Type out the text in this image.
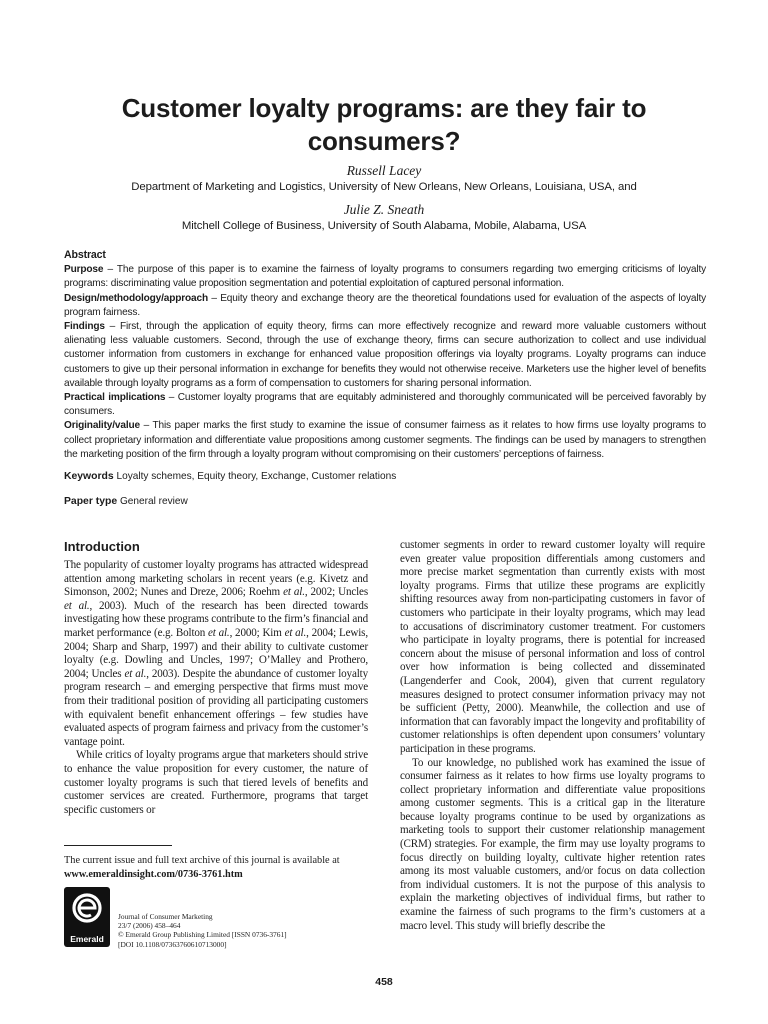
Customer loyalty programs: are they fair to consumers?
Russell Lacey
Department of Marketing and Logistics, University of New Orleans, New Orleans, Louisiana, USA, and
Julie Z. Sneath
Mitchell College of Business, University of South Alabama, Mobile, Alabama, USA

Abstract

Purpose – The purpose of this paper is to examine the fairness of loyalty programs to consumers regarding two emerging criticisms of loyalty programs: discriminating value proposition segmentation and potential exploitation of captured personal information.

Design/methodology/approach – Equity theory and exchange theory are the theoretical foundations used for evaluation of the aspects of loyalty program fairness.

Findings – First, through the application of equity theory, firms can more effectively recognize and reward more valuable customers without alienating less valuable customers. Second, through the use of exchange theory, firms can secure authorization to collect and use individual customer information from customers in exchange for enhanced value proposition offerings via loyalty programs. Loyalty programs can induce customers to give up their personal information in exchange for benefits they would not otherwise receive. Marketers use the higher level of benefits available through loyalty programs as a form of compensation to customers for sharing personal information.

Practical implications – Customer loyalty programs that are equitably administered and thoroughly communicated will be perceived favorably by consumers.

Originality/value – This paper marks the first study to examine the issue of consumer fairness as it relates to how firms use loyalty programs to collect proprietary information and differentiate value propositions among customer segments. The findings can be used by managers to strengthen the marketing position of the firm through a loyalty program without compromising on their customers’ perceptions of fairness.

Keywords Loyalty schemes, Equity theory, Exchange, Customer relations
Paper type General review
Introduction

The popularity of customer loyalty programs has attracted widespread attention among marketing scholars in recent years (e.g. Kivetz and Simonson, 2002; Nunes and Dreze, 2006; Roehm et al., 2002; Uncles et al., 2003). Much of the research has been directed towards investigating how these programs contribute to the firm’s financial and market performance (e.g. Bolton et al., 2000; Kim et al., 2004; Lewis, 2004; Sharp and Sharp, 1997) and their ability to cultivate customer loyalty (e.g. Dowling and Uncles, 1997; O’Malley and Prothero, 2004; Uncles et al., 2003). Despite the abundance of customer loyalty program research – and emerging perspective that firms must move from their traditional position of providing all participating customers with equivalent benefit enhancement offerings – few studies have evaluated aspects of program fairness and privacy from the customer’s vantage point.

While critics of loyalty programs argue that marketers should strive to enhance the value proposition for every customer, the nature of customer loyalty programs is such that tiered levels of benefits and customer services are created. Furthermore, programs that target specific customers or

customer segments in order to reward customer loyalty will require even greater value proposition differentials among customers and more precise market segmentation than currently exists with most loyalty programs. Firms that utilize these programs are explicitly shifting resources away from non-participating customers in favor of customers who participate in their loyalty programs, which may lead to accusations of discriminatory customer treatment. For customers who participate in loyalty programs, there is potential for increased concern about the misuse of personal information and loss of control over how information is being collected and disseminated (Langenderfer and Cook, 2004), given that current regulatory measures designed to protect consumer information privacy may not be sufficient (Petty, 2000). Meanwhile, the collection and use of information that can favorably impact the longevity and profitability of customer relationships is often dependent upon consumers’ voluntary participation in these programs.

To our knowledge, no published work has examined the issue of consumer fairness as it relates to how firms use loyalty programs to collect proprietary information and differentiate value propositions among customer segments. This is a critical gap in the literature because loyalty programs continue to be used by organizations as marketing tools to support their customer relationship management (CRM) strategies. For example, the firm may use loyalty programs to focus directly on building loyalty, cultivate higher retention rates among its most valuable customers, and/or focus on data collection from individual customers. It is not the purpose of this analysis to explain the marketing objectives of individual firms, but rather to examine the fairness of such programs to the firm’s customers at a macro level. This study will briefly describe the

The current issue and full text archive of this journal is available at
www.emeraldinsight.com/0736-3761.htm
Emerald
Journal of Consumer Marketing
23/7 (2006) 458–464
© Emerald Group Publishing Limited [ISSN 0736-3761]
[DOI 10.1108/07363760610713000]
458
